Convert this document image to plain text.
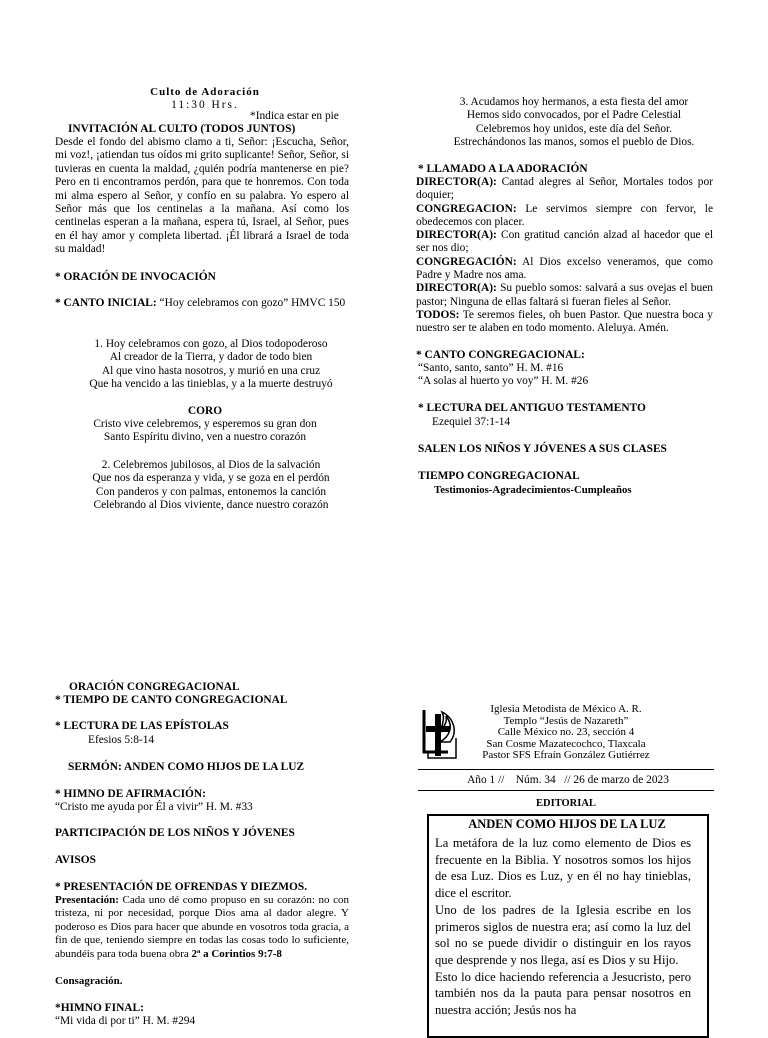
Culto de Adoración
11:30 Hrs.
*Indica estar en pie
INVITACIÓN AL CULTO (TODOS JUNTOS)
Desde el fondo del abismo clamo a ti, Señor: ¡Escucha, Señor, mi voz!, ¡atiendan tus oídos mi grito suplicante! Señor, Señor, si tuvieras en cuenta la maldad, ¿quién podría mantenerse en pie? Pero en ti encontramos perdón, para que te honremos. Con toda mi alma espero al Señor, y confío en su palabra. Yo espero al Señor más que los centinelas a la mañana. Así como los centinelas esperan a la mañana, espera tú, Israel, al Señor, pues en él hay amor y completa libertad. ¡Él librará a Israel de toda su maldad!
* ORACIÓN DE INVOCACIÓN
* CANTO INICIAL: “Hoy celebramos con gozo” HMVC 150

1. Hoy celebramos con gozo, al Dios todopoderoso

Al creador de la Tierra, y dador de todo bien

Al que vino hasta nosotros, y murió en una cruz

Que ha vencido a las tinieblas, y a la muerte destruyó

CORO

Cristo vive celebremos, y esperemos su gran don

Santo Espíritu divino, ven a nuestro corazón

2. Celebremos jubilosos, al Dios de la salvación

Que nos da esperanza y vida, y se goza en el perdón

Con panderos y con palmas, entonemos la canción

Celebrando al Dios viviente, dance nuestro corazón

3. Acudamos hoy hermanos, a esta fiesta del amor

Hemos sido convocados, por el Padre Celestial

Celebremos hoy unidos, este día del Señor.

Estrechándonos las manos, somos el pueblo de Dios.

* LLAMADO A LA ADORACIÓN

DIRECTOR(A): Cantad alegres al Señor, Mortales todos por doquier;

CONGREGACION: Le servimos siempre con fervor, le obedecemos con placer.

DIRECTOR(A): Con gratitud canción alzad al hacedor que el ser nos dio;

CONGREGACIÓN: Al Dios excelso veneramos, que como Padre y Madre nos ama.

DIRECTOR(A): Su pueblo somos: salvará a sus ovejas el buen pastor; Ninguna de ellas faltará si fueran fieles al Señor.

TODOS: Te seremos fieles, oh buen Pastor. Que nuestra boca y nuestro ser te alaben en todo momento. Aleluya. Amén.

* CANTO CONGREGACIONAL:
“Santo, santo, santo” H. M. #16
“A solas al huerto yo voy” H. M. #26
* LECTURA DEL ANTIGUO TESTAMENTO
Ezequiel 37:1-14
SALEN LOS NIÑOS Y JÓVENES A SUS CLASES
TIEMPO CONGREGACIONAL
Testimonios-Agradecimientos-Cumpleaños
ORACIÓN CONGREGACIONAL
* TIEMPO DE CANTO CONGREGACIONAL
* LECTURA DE LAS EPÍSTOLAS
Efesios 5:8-14
SERMÓN: ANDEN COMO HIJOS DE LA LUZ
* HIMNO DE AFIRMACIÓN:
“Cristo me ayuda por Él a vivir” H. M. #33
PARTICIPACIÓN DE LOS NIÑOS Y JÓVENES
AVISOS
* PRESENTACIÓN DE OFRENDAS Y DIEZMOS.
Presentación: Cada uno dé como propuso en su corazón: no con tristeza, ni por necesidad, porque Dios ama al dador alegre. Y poderoso es Dios para hacer que abunde en vosotros toda gracia, a fin de que, teniendo siempre en todas las cosas todo lo suficiente, abundéis para toda buena obra 2ª a Corintios 9:7-8
Consagración.
*HIMNO FINAL:
“Mi vida di por ti” H. M. #294

Iglesia Metodista de México A. R.

Templo “Jesús de Nazareth”

Calle México no. 23, sección 4

San Cosme Mazatecochco, Tlaxcala

Pastor SFS Efraín González Gutiérrez

Año 1 //    Núm. 34   // 26 de marzo de 2023
EDITORIAL
ANDEN COMO HIJOS DE LA LUZ

La metáfora de la luz como elemento de Dios es frecuente en la Biblia. Y nosotros somos los hijos de esa Luz. Dios es Luz, y en él no hay tinieblas, dice el escritor.

Uno de los padres de la Iglesia escribe en los primeros siglos de nuestra era; así como la luz del sol no se puede dividir o distinguir en los rayos que desprende y nos llega, así es Dios y su Hijo.

Esto lo dice haciendo referencia a Jesucristo, pero también nos da la pauta para pensar nosotros en nuestra acción; Jesús nos ha
